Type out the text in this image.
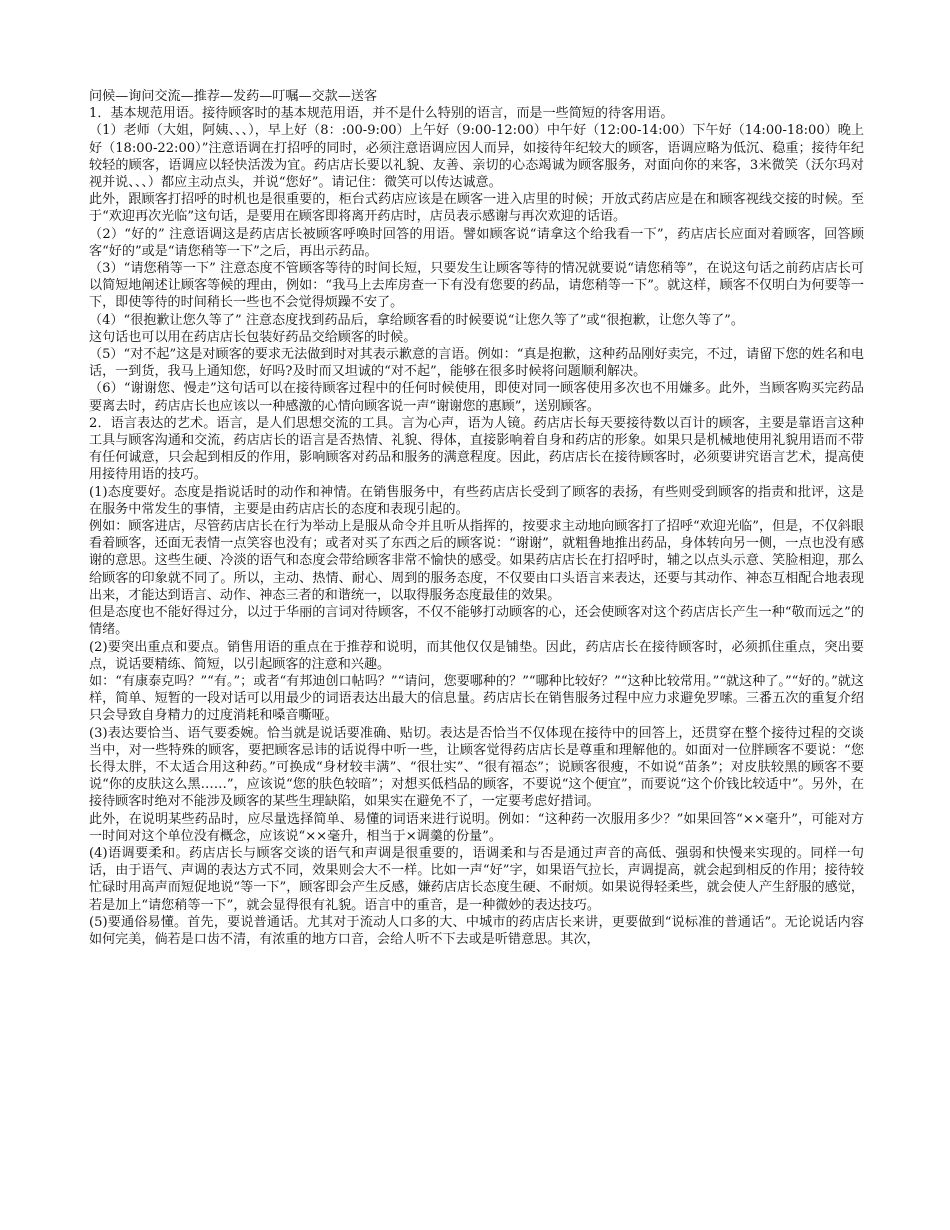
问候—询问交流—推荐—发药—叮嘱—交款—送客

1．基本规范用语。接待顾客时的基本规范用语，并不是什么特别的语言，而是一些简短的待客用语。

（1）老师（大姐，阿姨、、、），早上好（8：:00-9:00）上午好（9:00-12:00）中午好（12:00-14:00）下午好（14:00-18:00）晚上好（18:00-22:00）”注意语调在打招呼的同时，必须注意语调应因人而异，如接待年纪较大的顾客，语调应略为低沉、稳重；接待年纪较轻的顾客，语调应以轻快活泼为宜。药店店长要以礼貌、友善、亲切的心态竭诚为顾客服务，对面向你的来客，3米微笑（沃尔玛对视并说、、、）都应主动点头，并说“您好”。请记住：微笑可以传达诚意。

此外，跟顾客打招呼的时机也是很重要的，柜台式药店应该是在顾客一进入店里的时候；开放式药店应是在和顾客视线交接的时候。至于“欢迎再次光临”这句话，是要用在顾客即将离开药店时，店员表示感谢与再次欢迎的话语。

（2）“好的” 注意语调这是药店店长被顾客呼唤时回答的用语。譬如顾客说“请拿这个给我看一下”，药店店长应面对着顾客，回答顾客“好的”或是“请您稍等一下”之后，再出示药品。

（3）“请您稍等一下” 注意态度不管顾客等待的时间长短，只要发生让顾客等待的情况就要说“请您稍等”，在说这句话之前药店店长可以简短地阐述让顾客等候的理由，例如：“我马上去库房查一下有没有您要的药品，请您稍等一下”。就这样，顾客不仅明白为何要等一下，即使等待的时间稍长一些也不会觉得烦躁不安了。

（4）“很抱歉让您久等了” 注意态度找到药品后，拿给顾客看的时候要说“让您久等了”或“很抱歉，让您久等了”。

这句话也可以用在药店店长包装好药品交给顾客的时候。

（5）“对不起”这是对顾客的要求无法做到时对其表示歉意的言语。例如：“真是抱歉，这种药品刚好卖完，不过，请留下您的姓名和电话，一到货，我马上通知您，好吗?及时而又坦诚的“对不起”，能够在很多时候将问题顺利解决。

（6）“谢谢您、慢走”这句话可以在接待顾客过程中的任何时候使用，即使对同一顾客使用多次也不用嫌多。此外，当顾客购买完药品要离去时，药店店长也应该以一种感激的心情向顾客说一声“谢谢您的惠顾”，送别顾客。

2．语言表达的艺术。语言，是人们思想交流的工具。言为心声，语为人镜。药店店长每天要接待数以百计的顾客，主要是靠语言这种工具与顾客沟通和交流，药店店长的语言是否热情、礼貌、得体，直接影响着自身和药店的形象。如果只是机械地使用礼貌用语而不带有任何诚意，只会起到相反的作用，影响顾客对药品和服务的满意程度。因此，药店店长在接待顾客时，必须要讲究语言艺术，提高使用接待用语的技巧。

(1)态度要好。态度是指说话时的动作和神情。在销售服务中，有些药店店长受到了顾客的表扬，有些则受到顾客的指责和批评，这是在服务中常发生的事情，主要是由药店店长的态度和表现引起的。

例如：顾客进店，尽管药店店长在行为举动上是服从命令并且听从指挥的，按要求主动地向顾客打了招呼“欢迎光临”，但是，不仅斜眼看着顾客，还面无表情一点笑容也没有；或者对买了东西之后的顾客说：“谢谢”，就粗鲁地推出药品，身体转向另一侧，一点也没有感谢的意思。这些生硬、冷淡的语气和态度会带给顾客非常不愉快的感受。如果药店店长在打招呼时，辅之以点头示意、笑脸相迎，那么给顾客的印象就不同了。所以，主动、热情、耐心、周到的服务态度，不仅要由口头语言来表达，还要与其动作、神态互相配合地表现出来，才能达到语言、动作、神态三者的和谐统一，以取得服务态度最佳的效果。

但是态度也不能好得过分，以过于华丽的言词对待顾客，不仅不能够打动顾客的心，还会使顾客对这个药店店长产生一种“敬而远之”的情绪。

(2)要突出重点和要点。销售用语的重点在于推荐和说明，而其他仅仅是铺垫。因此，药店店长在接待顾客时，必须抓住重点，突出要点，说话要精练、简短，以引起顾客的注意和兴趣。

如：“有康泰克吗？”“有。”；或者“有邦迪创口帖吗？”“请问，您要哪种的？”“哪种比较好？”“这种比较常用。”“就这种了。”“好的。”就这样，简单、短暂的一段对话可以用最少的词语表达出最大的信息量。药店店长在销售服务过程中应力求避免罗嗦。三番五次的重复介绍只会导致自身精力的过度消耗和嗓音嘶哑。

(3)表达要恰当、语气要委婉。恰当就是说话要准确、贴切。表达是否恰当不仅体现在接待中的回答上，还贯穿在整个接待过程的交谈当中，对一些特殊的顾客，要把顾客忌讳的话说得中听一些，让顾客觉得药店店长是尊重和理解他的。如面对一位胖顾客不要说：“您长得太胖，不太适合用这种药。”可换成“身材较丰满”、“很壮实”、“很有福态”；说顾客很瘦，不如说“苗条”；对皮肤较黑的顾客不要说“你的皮肤这么黑……”，应该说“您的肤色较暗”；对想买低档品的顾客，不要说“这个便宜”，而要说“这个价钱比较适中”。另外，在接待顾客时绝对不能涉及顾客的某些生理缺陷，如果实在避免不了，一定要考虑好措词。

此外，在说明某些药品时，应尽量选择简单、易懂的词语来进行说明。例如：“这种药一次服用多少？”如果回答“××毫升”，可能对方一时间对这个单位没有概念，应该说“××毫升，相当于×调羹的份量”。

(4)语调要柔和。药店店长与顾客交谈的语气和声调是很重要的，语调柔和与否是通过声音的高低、强弱和快慢来实现的。同样一句话，由于语气、声调的表达方式不同，效果则会大不一样。比如一声“好”字，如果语气拉长，声调提高，就会起到相反的作用；接待较忙碌时用高声而短促地说“等一下”，顾客即会产生反感，嫌药店店长态度生硬、不耐烦。如果说得轻柔些，就会使人产生舒服的感觉，若是加上“请您稍等一下”，就会显得很有礼貌。语言中的重音，是一种微妙的表达技巧。

(5)要通俗易懂。首先，要说普通话。尤其对于流动人口多的大、中城市的药店店长来讲，更要做到“说标准的普通话”。无论说话内容如何完美，倘若是口齿不清，有浓重的地方口音，会给人听不下去或是听错意思。其次，
